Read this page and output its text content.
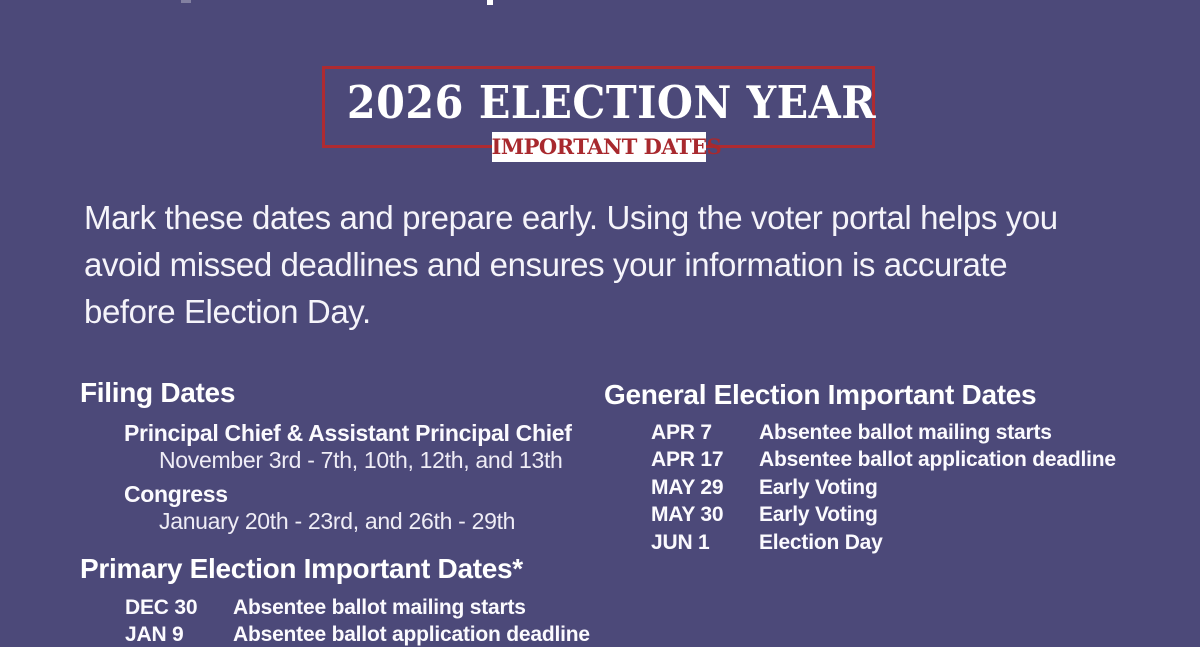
2026 ELECTION YEAR
IMPORTANT DATES
Mark these dates and prepare early. Using the voter portal helps you
avoid missed deadlines and ensures your information is accurate
before Election Day.
Filing Dates
Principal Chief & Assistant Principal Chief
November 3rd - 7th, 10th, 12th, and 13th
Congress
January 20th - 23rd, and 26th - 29th
Primary Election Important Dates*
DEC 30	Absentee ballot mailing starts
JAN 9	Absentee ballot application deadline
General Election Important Dates
APR 7	Absentee ballot mailing starts
APR 17	Absentee ballot application deadline
MAY 29	Early Voting
MAY 30	Early Voting
JUN 1	Election Day
